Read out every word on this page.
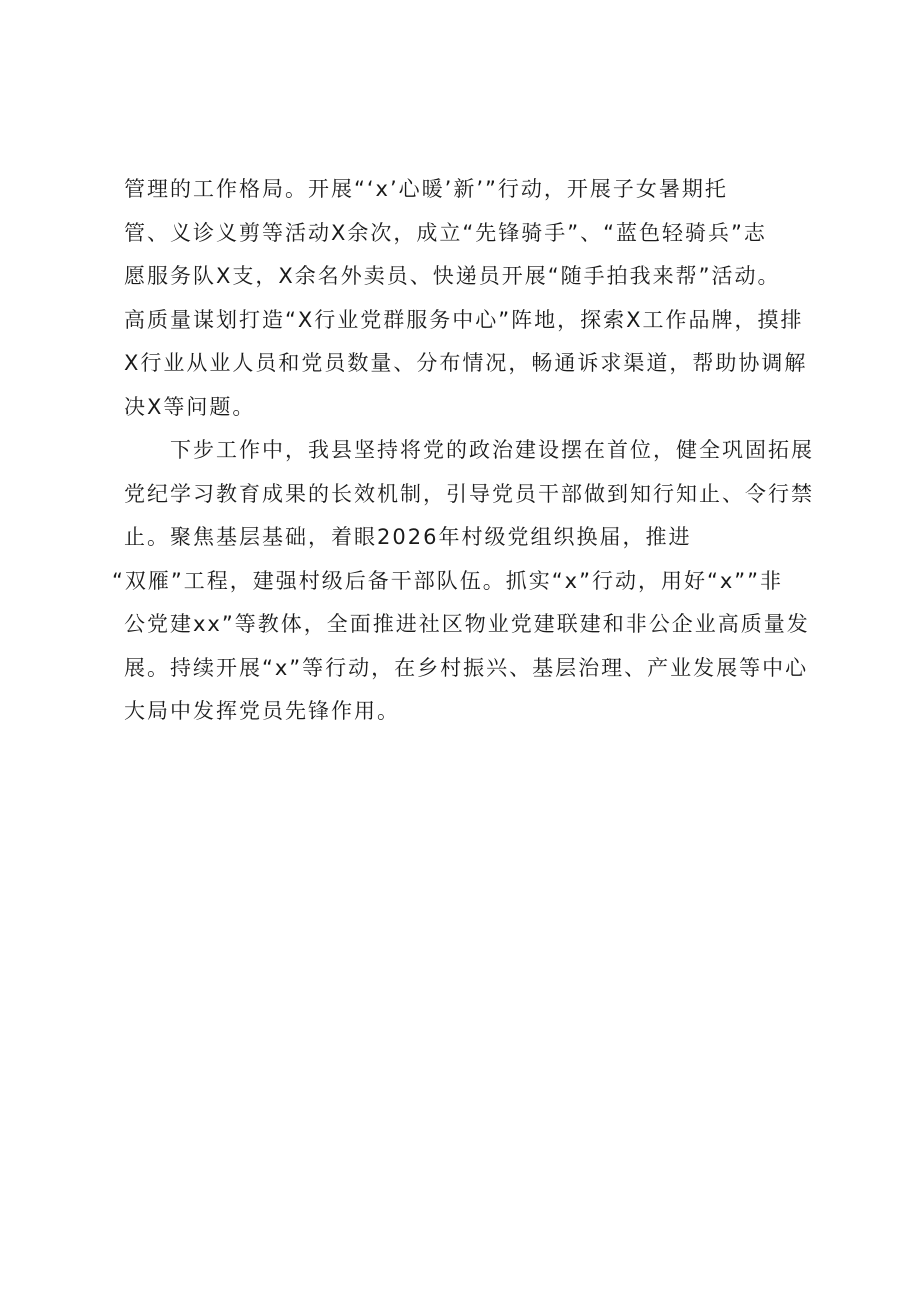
管理的工作格局。开展“‘x’心暖’新’”行动，开展子女暑期托
管、义诊义剪等活动X余次，成立“先锋骑手”、“蓝色轻骑兵”志
愿服务队X支，X余名外卖员、快递员开展“随手拍我来帮”活动。
高质量谋划打造“X行业党群服务中心”阵地，探索X工作品牌，摸排
X行业从业人员和党员数量、分布情况，畅通诉求渠道，帮助协调解
决X等问题。
下步工作中，我县坚持将党的政治建设摆在首位，健全巩固拓展
党纪学习教育成果的长效机制，引导党员干部做到知行知止、令行禁
止。聚焦基层基础，着眼2026年村级党组织换届，推进
“双雁”工程，建强村级后备干部队伍。抓实“x”行动，用好“x””非
公党建xx”等教体，全面推进社区物业党建联建和非公企业高质量发
展。持续开展“x”等行动，在乡村振兴、基层治理、产业发展等中心
大局中发挥党员先锋作用。
